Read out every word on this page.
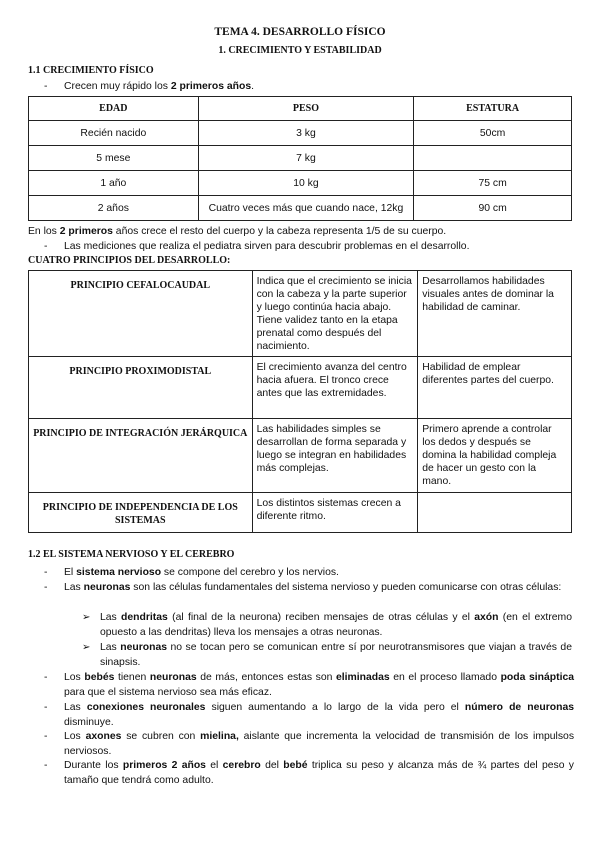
TEMA 4. DESARROLLO FÍSICO
1. CRECIMIENTO Y ESTABILIDAD
1.1 CRECIMIENTO FÍSICO
- Crecen muy rápido los 2 primeros años.
EDAD	PESO	ESTATURA
Recién nacido	3 kg	50cm
5 mese	7 kg	
1 año	10 kg	75 cm
2 años	Cuatro veces más que cuando nace, 12kg	90 cm
En los 2 primeros años crece el resto del cuerpo y la cabeza representa 1/5 de su cuerpo.
- Las mediciones que realiza el pediatra sirven para descubrir problemas en el desarrollo.
CUATRO PRINCIPIOS DEL DESARROLLO:
PRINCIPIO CEFALOCAUDAL	Indica que el crecimiento se inicia con la cabeza y la parte superior y luego continúa hacia abajo. Tiene validez tanto en la etapa prenatal como después del nacimiento.	Desarrollamos habilidades visuales antes de dominar la habilidad de caminar.
PRINCIPIO PROXIMODISTAL	El crecimiento avanza del centro hacia afuera. El tronco crece antes que las extremidades.	Habilidad de emplear diferentes partes del cuerpo.
PRINCIPIO DE INTEGRACIÓN JERÁRQUICA	Las habilidades simples se desarrollan de forma separada y luego se integran en habilidades más complejas.	Primero aprende a controlar los dedos y después se domina la habilidad compleja de hacer un gesto con la mano.
PRINCIPIO DE INDEPENDENCIA DE LOS SISTEMAS	Los distintos sistemas crecen a diferente ritmo.	
1.2 EL SISTEMA NERVIOSO Y EL CEREBRO
- El sistema nervioso se compone del cerebro y los nervios.
- Las neuronas son las células fundamentales del sistema nervioso y pueden comunicarse con otras células:
➢ Las dendritas (al final de la neurona) reciben mensajes de otras células y el axón (en el extremo opuesto a las dendritas) lleva los mensajes a otras neuronas.
➢ Las neuronas no se tocan pero se comunican entre sí por neurotransmisores que viajan a través de sinapsis.
- Los bebés tienen neuronas de más, entonces estas son eliminadas en el proceso llamado poda sináptica para que el sistema nervioso sea más eficaz.
- Las conexiones neuronales siguen aumentando a lo largo de la vida pero el número de neuronas disminuye.
- Los axones se cubren con mielina, aislante que incrementa la velocidad de transmisión de los impulsos nerviosos.
- Durante los primeros 2 años el cerebro del bebé triplica su peso y alcanza más de ¾ partes del peso y tamaño que tendrá como adulto.
